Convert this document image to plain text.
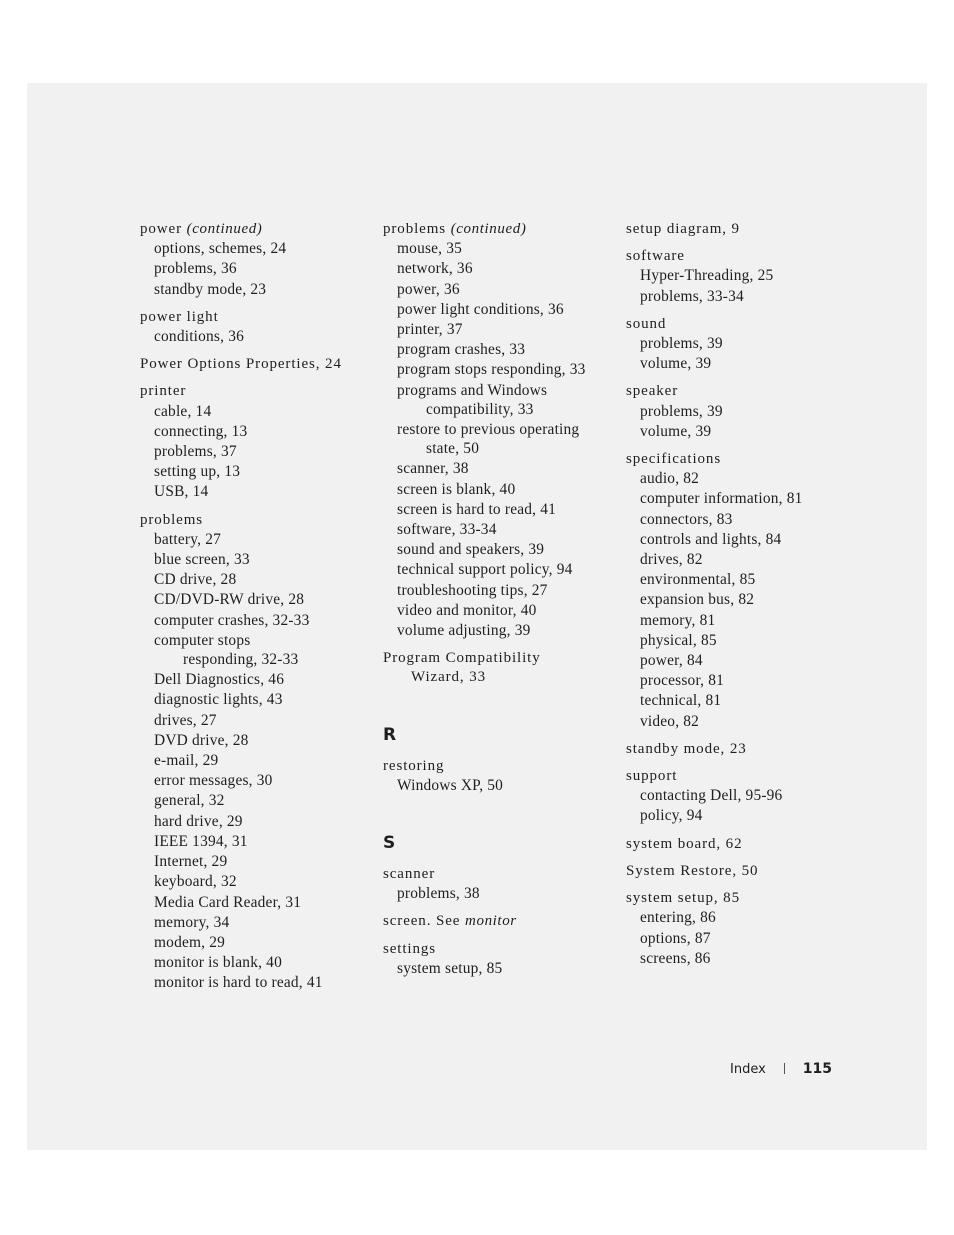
power (continued)
options, schemes, 24
problems, 36
standby mode, 23
power light
conditions, 36
Power Options Properties, 24
printer
cable, 14
connecting, 13
problems, 37
setting up, 13
USB, 14
problems
battery, 27
blue screen, 33
CD drive, 28
CD/DVD-RW drive, 28
computer crashes, 32-33
computer stops
responding, 32-33
Dell Diagnostics, 46
diagnostic lights, 43
drives, 27
DVD drive, 28
e-mail, 29
error messages, 30
general, 32
hard drive, 29
IEEE 1394, 31
Internet, 29
keyboard, 32
Media Card Reader, 31
memory, 34
modem, 29
monitor is blank, 40
monitor is hard to read, 41
problems (continued)
mouse, 35
network, 36
power, 36
power light conditions, 36
printer, 37
program crashes, 33
program stops responding, 33
programs and Windows
compatibility, 33
restore to previous operating
state, 50
scanner, 38
screen is blank, 40
screen is hard to read, 41
software, 33-34
sound and speakers, 39
technical support policy, 94
troubleshooting tips, 27
video and monitor, 40
volume adjusting, 39
Program Compatibility
Wizard, 33
R
restoring
Windows XP, 50
S
scanner
problems, 38
screen. See monitor
settings
system setup, 85
setup diagram, 9
software
Hyper-Threading, 25
problems, 33-34
sound
problems, 39
volume, 39
speaker
problems, 39
volume, 39
specifications
audio, 82
computer information, 81
connectors, 83
controls and lights, 84
drives, 82
environmental, 85
expansion bus, 82
memory, 81
physical, 85
power, 84
processor, 81
technical, 81
video, 82
standby mode, 23
support
contacting Dell, 95-96
policy, 94
system board, 62
System Restore, 50
system setup, 85
entering, 86
options, 87
screens, 86
Index	115
